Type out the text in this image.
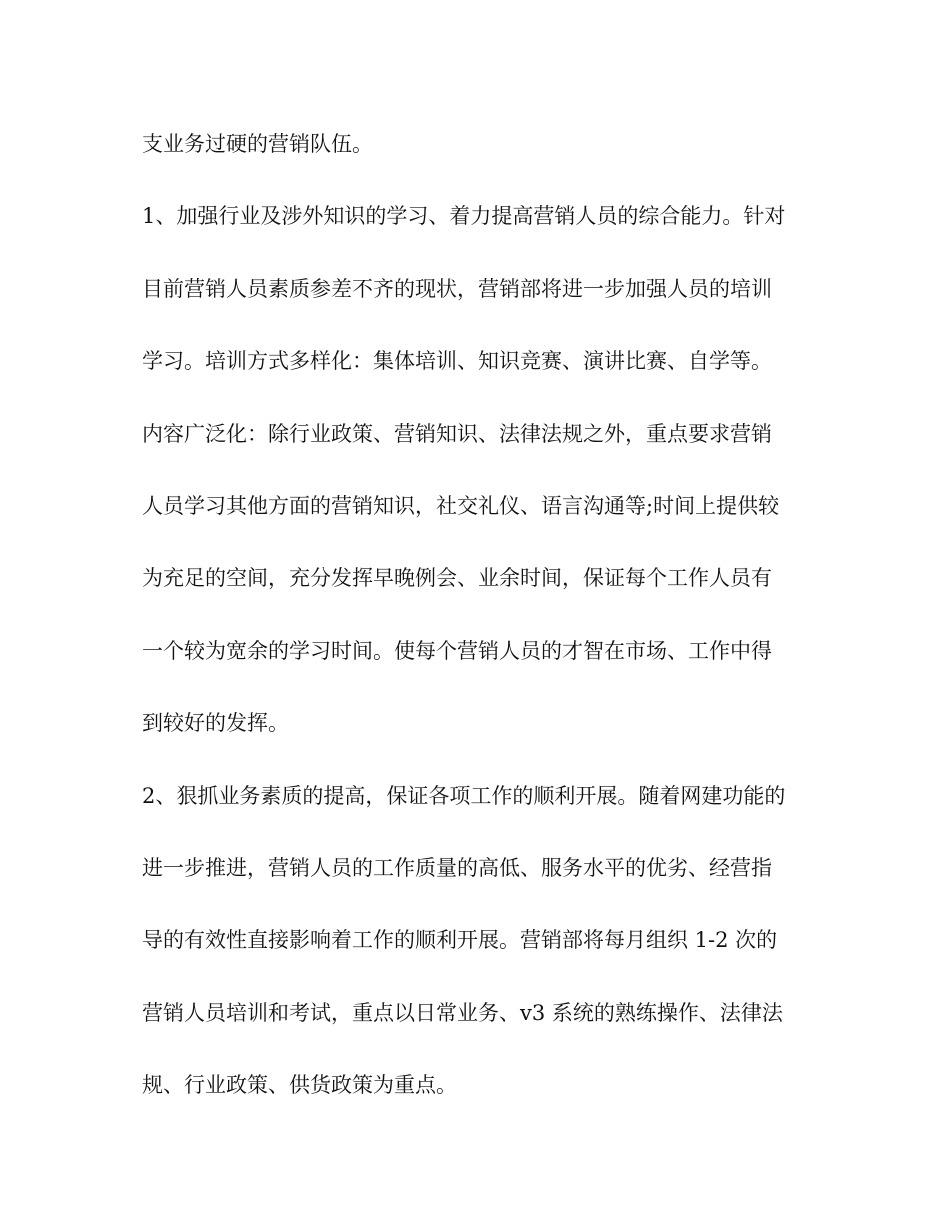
支业务过硬的营销队伍。
1、加强行业及涉外知识的学习、着力提高营销人员的综合能力。针对
目前营销人员素质参差不齐的现状，营销部将进一步加强人员的培训
学习。培训方式多样化：集体培训、知识竞赛、演讲比赛、自学等。
内容广泛化：除行业政策、营销知识、法律法规之外，重点要求营销
人员学习其他方面的营销知识，社交礼仪、语言沟通等;时间上提供较
为充足的空间，充分发挥早晚例会、业余时间，保证每个工作人员有
一个较为宽余的学习时间。使每个营销人员的才智在市场、工作中得
到较好的发挥。
2、狠抓业务素质的提高，保证各项工作的顺利开展。随着网建功能的
进一步推进，营销人员的工作质量的高低、服务水平的优劣、经营指
导的有效性直接影响着工作的顺利开展。营销部将每月组织 1-2 次的
营销人员培训和考试，重点以日常业务、v3 系统的熟练操作、法律法
规、行业政策、供货政策为重点。
